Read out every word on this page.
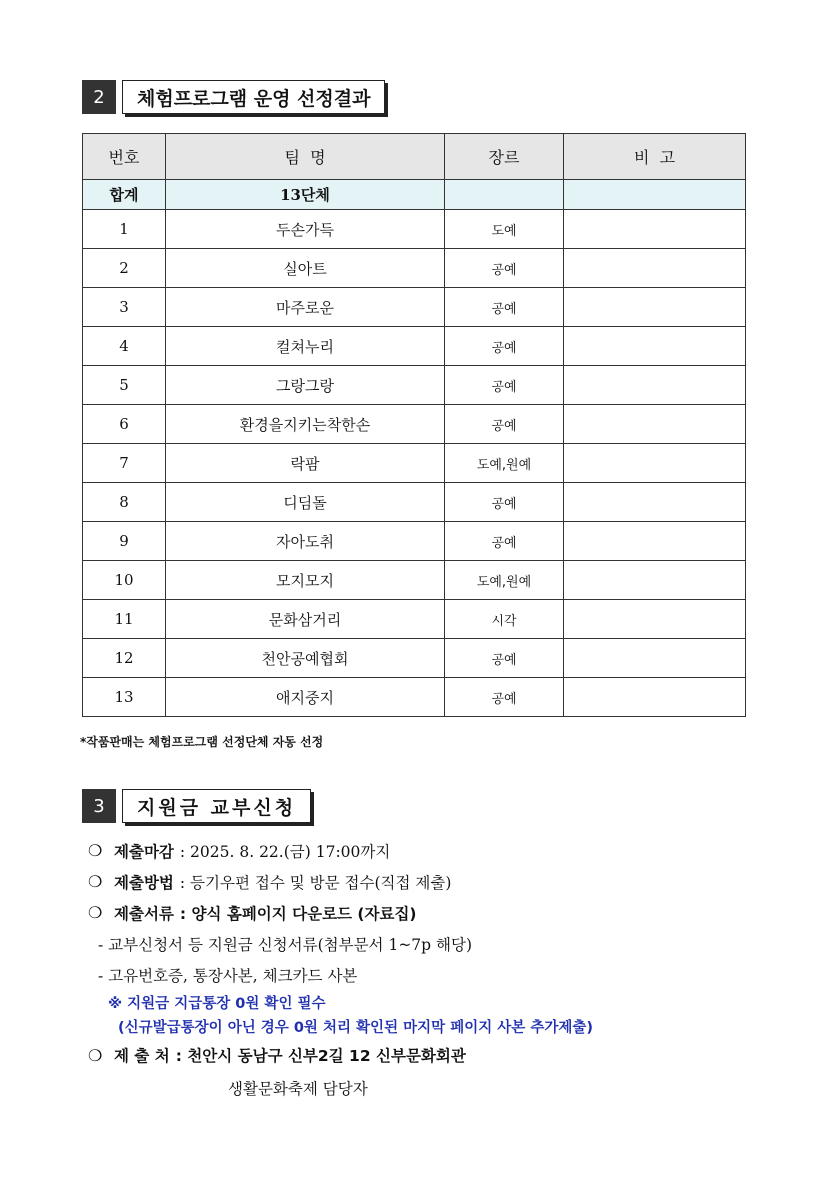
2	체험프로그램 운영 선정결과
번호	팀  명	장르	비  고
합계	13단체		
1	두손가득	도예	
2	실아트	공예	
3	마주로운	공예	
4	컬쳐누리	공예	
5	그랑그랑	공예	
6	환경을지키는착한손	공예	
7	락팜	도예,원예	
8	디딤돌	공예	
9	자아도취	공예	
10	모지모지	도예,원예	
11	문화삼거리	시각	
12	천안공예협회	공예	
13	애지중지	공예	
*작품판매는 체험프로그램 선정단체 자동 선정
3	지원금 교부신청
❍ 제출마감 : 2025. 8. 22.(금) 17:00까지
❍ 제출방법 : 등기우편 접수 및 방문 접수(직접 제출)
❍ 제출서류 : 양식 홈페이지 다운로드 (자료집)
- 교부신청서 등 지원금 신청서류(첨부문서 1~7p 해당)
- 고유번호증, 통장사본, 체크카드 사본
※ 지원금 지급통장 0원 확인 필수
(신규발급통장이 아닌 경우 0원 처리 확인된 마지막 페이지 사본 추가제출)
❍ 제 출 처 : 천안시 동남구 신부2길 12 신부문화회관
생활문화축제 담당자
